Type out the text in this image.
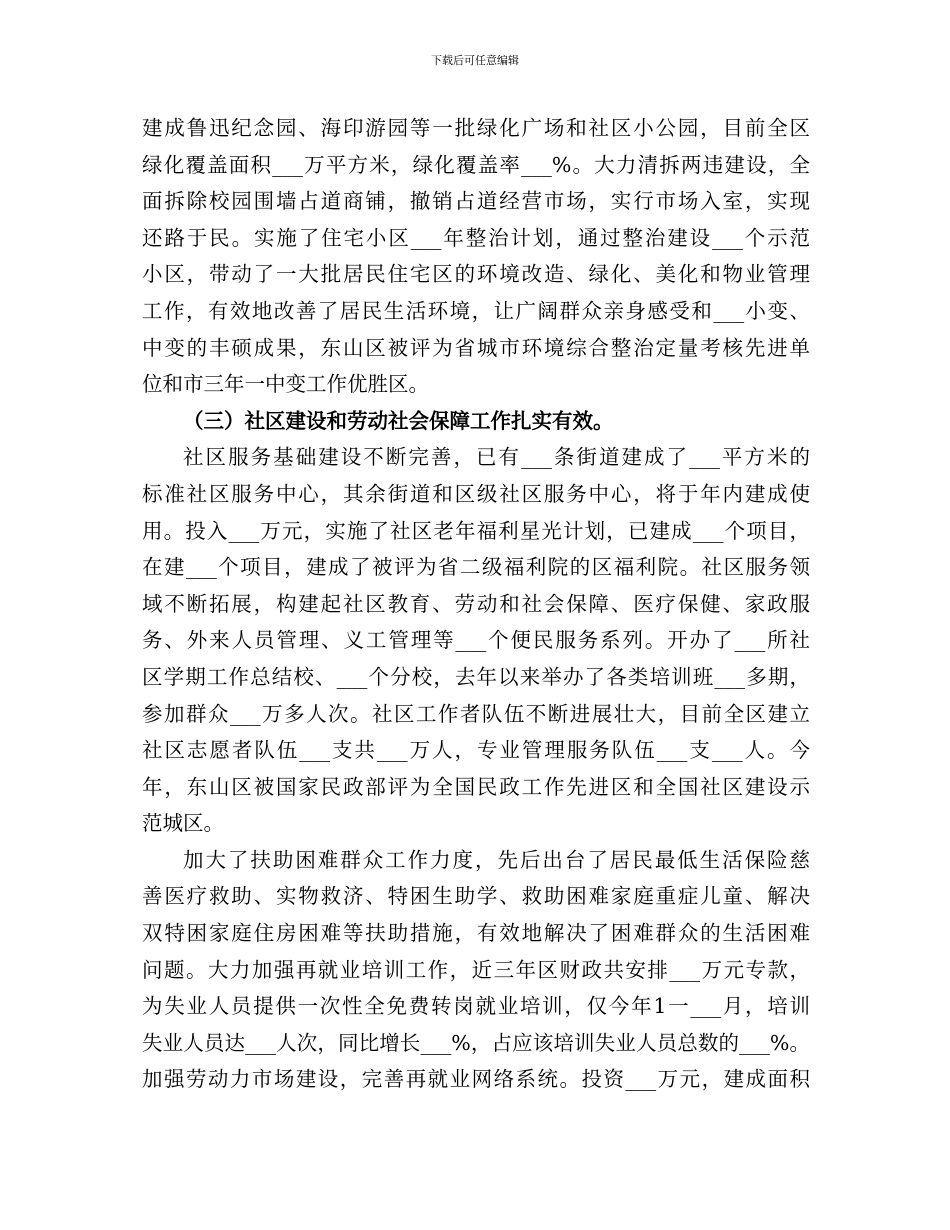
下载后可任意编辑
建成鲁迅纪念园、海印游园等一批绿化广场和社区小公园，目前全区
绿化覆盖面积___万平方米，绿化覆盖率___%。大力清拆两违建设，全
面拆除校园围墙占道商铺，撤销占道经营市场，实行市场入室，实现
还路于民。实施了住宅小区___年整治计划，通过整治建设___个示范
小区，带动了一大批居民住宅区的环境改造、绿化、美化和物业管理
工作，有效地改善了居民生活环境，让广阔群众亲身感受和___小变、
中变的丰硕成果，东山区被评为省城市环境综合整治定量考核先进单
位和市三年一中变工作优胜区。
（三）社区建设和劳动社会保障工作扎实有效。
社区服务基础建设不断完善，已有___条街道建成了___平方米的
标准社区服务中心，其余街道和区级社区服务中心，将于年内建成使
用。投入___万元，实施了社区老年福利星光计划，已建成___个项目，
在建___个项目，建成了被评为省二级福利院的区福利院。社区服务领
域不断拓展，构建起社区教育、劳动和社会保障、医疗保健、家政服
务、外来人员管理、义工管理等___个便民服务系列。开办了___所社
区学期工作总结校、___个分校，去年以来举办了各类培训班___多期，
参加群众___万多人次。社区工作者队伍不断进展壮大，目前全区建立
社区志愿者队伍___支共___万人，专业管理服务队伍___支___人。今
年，东山区被国家民政部评为全国民政工作先进区和全国社区建设示
范城区。
加大了扶助困难群众工作力度，先后出台了居民最低生活保险慈
善医疗救助、实物救济、特困生助学、救助困难家庭重症儿童、解决
双特困家庭住房困难等扶助措施，有效地解决了困难群众的生活困难
问题。大力加强再就业培训工作，近三年区财政共安排___万元专款，
为失业人员提供一次性全免费转岗就业培训，仅今年1一___月，培训
失业人员达___人次，同比增长___%，占应该培训失业人员总数的___%。
加强劳动力市场建设，完善再就业网络系统。投资___万元，建成面积
